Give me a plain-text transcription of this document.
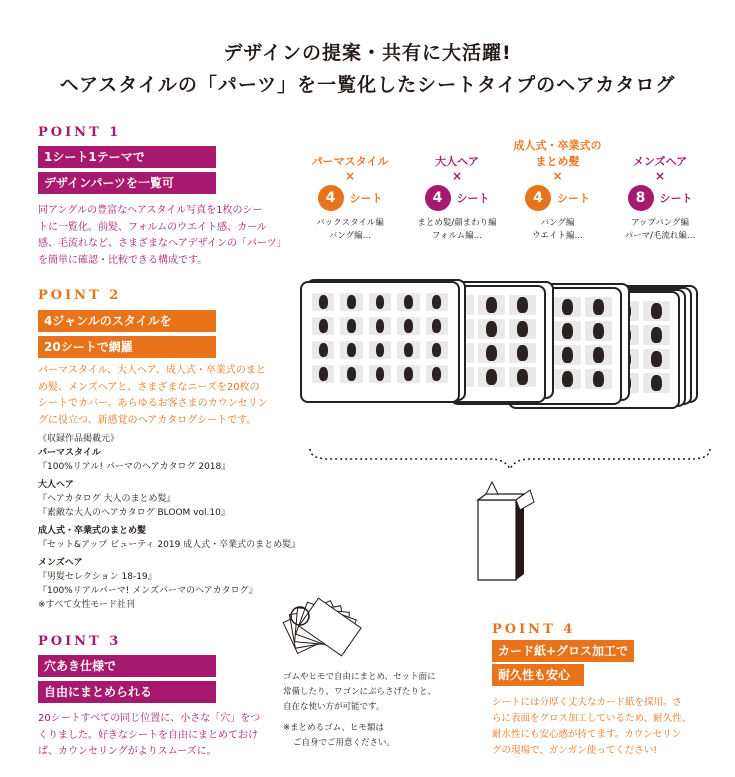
デザインの提案・共有に大活躍!
ヘアスタイルの「パーツ」を一覧化したシートタイプのヘアカタログ
POINT 1
1シート1テーマで
デザインパーツを一覧可
同アングルの豊富なヘアスタイル写真を1枚のシー
トに一覧化。前髪、フォルムのウエイト感、カール
感、毛流れなど、さまざまなヘアデザインの「パーツ」
を簡単に確認・比較できる構成です。
POINT 2
4ジャンルのスタイルを
20シートで網羅
パーマスタイル、大人ヘア、成人式・卒業式のまと
め髪、メンズヘアと、さまざまなニーズを20枚の
シートでカバー。あらゆるお客さまのカウンセリン
グに役立つ、新感覚のヘアカタログシートです。
《収録作品掲載元》
パーマスタイル
『100%リアル! パーマのヘアカタログ 2018』
大人ヘア
『ヘアカタログ 大人のまとめ髪』
『素敵な大人のヘアカタログ BLOOM vol.10』
成人式・卒業式のまとめ髪
『セット&アップ ビューティ 2019 成人式・卒業式のまとめ髪』
メンズヘア
『男髪セレクション 18-19』
『100%リアルパーマ! メンズパーマのヘアカタログ』
※すべて女性モード社刊
POINT 3
穴あき仕様で
自由にまとめられる
20シートすべての同じ位置に、小さな「穴」をつ
くりました。好きなシートを自由にまとめておけ
ば、カウンセリングがよりスムーズに。
パーマスタイル
×
4	シート
バックスタイル編
バング編…
大人ヘア
×
4	シート
まとめ髪/顔まわり編
フォルム編…
成人式・卒業式の
まとめ髪
×
4	シート
バング編
ウエイト編…
メンズヘア
×
8	シート
アップバング編
パーマ/毛流れ編…
ゴムやヒモで自由にまとめ、セット面に
常備したり、ワゴンにぶらさげたりと、
自在な使い方が可能です。
※まとめるゴム、ヒモ類は
ご自身でご用意ください。
POINT 4
カード紙+グロス加工で
耐久性も安心
シートには分厚く丈夫なカード紙を採用。さ
らに表面をグロス加工しているため、耐久性、
耐水性にも安心感が持てます。カウンセリン
グの現場で、ガンガン使ってください!
